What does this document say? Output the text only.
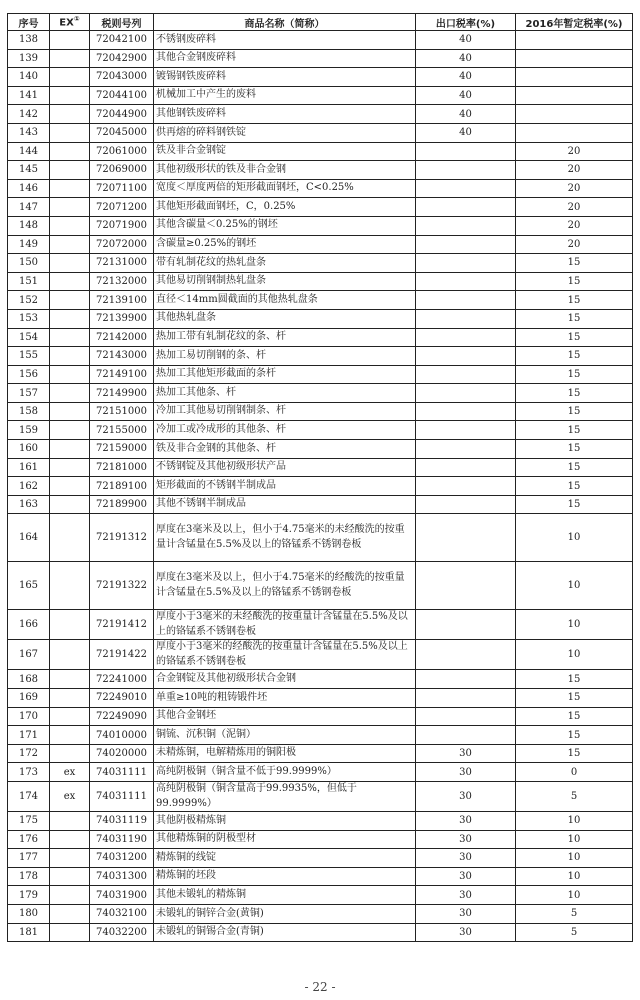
序号	EX①	税则号列	商品名称（简称）	出口税率(%)	2016年暂定税率(%)
138		72042100	不锈钢废碎料	40	
139		72042900	其他合金钢废碎料	40	
140		72043000	镀锡钢铁废碎料	40	
141		72044100	机械加工中产生的废料	40	
142		72044900	其他钢铁废碎料	40	
143		72045000	供再熔的碎料钢铁锭	40	
144		72061000	铁及非合金钢锭		20
145		72069000	其他初级形状的铁及非合金钢		20
146		72071100	宽度＜厚度两倍的矩形截面钢坯，C<0.25%		20
147		72071200	其他矩形截面钢坯，C，0.25%		20
148		72071900	其他含碳量＜0.25%的钢坯		20
149		72072000	含碳量≥0.25%的钢坯		20
150		72131000	带有轧制花纹的热轧盘条		15
151		72132000	其他易切削钢制热轧盘条		15
152		72139100	直径＜14mm圆截面的其他热轧盘条		15
153		72139900	其他热轧盘条		15
154		72142000	热加工带有轧制花纹的条、杆		15
155		72143000	热加工易切削钢的条、杆		15
156		72149100	热加工其他矩形截面的条杆		15
157		72149900	热加工其他条、杆		15
158		72151000	冷加工其他易切削钢制条、杆		15
159		72155000	冷加工或冷成形的其他条、杆		15
160		72159000	铁及非合金钢的其他条、杆		15
161		72181000	不锈钢锭及其他初级形状产品		15
162		72189100	矩形截面的不锈钢半制成品		15
163		72189900	其他不锈钢半制成品		15
164		72191312	厚度在3毫米及以上，但小于4.75毫米的未经酸洗的按重量计含锰量在5.5%及以上的铬锰系不锈钢卷板		10
165		72191322	厚度在3毫米及以上，但小于4.75毫米的经酸洗的按重量计含锰量在5.5%及以上的铬锰系不锈钢卷板		10
166		72191412	厚度小于3毫米的未经酸洗的按重量计含锰量在5.5%及以上的铬锰系不锈钢卷板		10
167		72191422	厚度小于3毫米的经酸洗的按重量计含锰量在5.5%及以上的铬锰系不锈钢卷板		10
168		72241000	合金钢锭及其他初级形状合金钢		15
169		72249010	单重≥10吨的粗铸锻件坯		15
170		72249090	其他合金钢坯		15
171		74010000	铜锍、沉积铜（泥铜）		15
172		74020000	未精炼铜，电解精炼用的铜阳极	30	15
173	ex	74031111	高纯阴极铜（铜含量不低于99.9999%）	30	0
174	ex	74031111	高纯阴极铜（铜含量高于99.9935%，但低于99.9999%）	30	5
175		74031119	其他阴极精炼铜	30	10
176		74031190	其他精炼铜的阴极型材	30	10
177		74031200	精炼铜的线锭	30	10
178		74031300	精炼铜的坯段	30	10
179		74031900	其他未锻轧的精炼铜	30	10
180		74032100	未锻轧的铜锌合金(黄铜)	30	5
181		74032200	未锻轧的铜锡合金(青铜)	30	5
- 22 -
